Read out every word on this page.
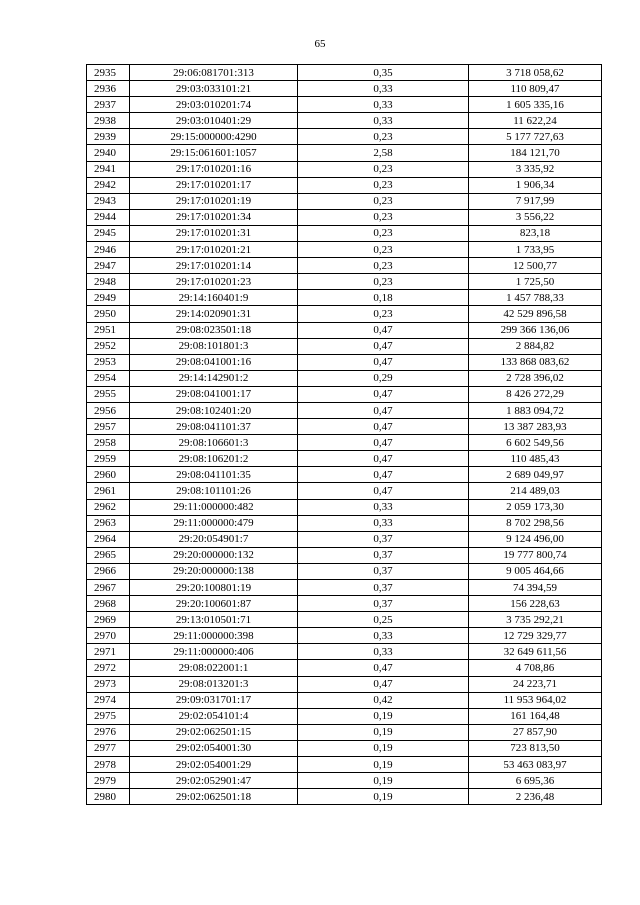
65
2935	29:06:081701:313	0,35	3 718 058,62
2936	29:03:033101:21	0,33	110 809,47
2937	29:03:010201:74	0,33	1 605 335,16
2938	29:03:010401:29	0,33	11 622,24
2939	29:15:000000:4290	0,23	5 177 727,63
2940	29:15:061601:1057	2,58	184 121,70
2941	29:17:010201:16	0,23	3 335,92
2942	29:17:010201:17	0,23	1 906,34
2943	29:17:010201:19	0,23	7 917,99
2944	29:17:010201:34	0,23	3 556,22
2945	29:17:010201:31	0,23	823,18
2946	29:17:010201:21	0,23	1 733,95
2947	29:17:010201:14	0,23	12 500,77
2948	29:17:010201:23	0,23	1 725,50
2949	29:14:160401:9	0,18	1 457 788,33
2950	29:14:020901:31	0,23	42 529 896,58
2951	29:08:023501:18	0,47	299 366 136,06
2952	29:08:101801:3	0,47	2 884,82
2953	29:08:041001:16	0,47	133 868 083,62
2954	29:14:142901:2	0,29	2 728 396,02
2955	29:08:041001:17	0,47	8 426 272,29
2956	29:08:102401:20	0,47	1 883 094,72
2957	29:08:041101:37	0,47	13 387 283,93
2958	29:08:106601:3	0,47	6 602 549,56
2959	29:08:106201:2	0,47	110 485,43
2960	29:08:041101:35	0,47	2 689 049,97
2961	29:08:101101:26	0,47	214 489,03
2962	29:11:000000:482	0,33	2 059 173,30
2963	29:11:000000:479	0,33	8 702 298,56
2964	29:20:054901:7	0,37	9 124 496,00
2965	29:20:000000:132	0,37	19 777 800,74
2966	29:20:000000:138	0,37	9 005 464,66
2967	29:20:100801:19	0,37	74 394,59
2968	29:20:100601:87	0,37	156 228,63
2969	29:13:010501:71	0,25	3 735 292,21
2970	29:11:000000:398	0,33	12 729 329,77
2971	29:11:000000:406	0,33	32 649 611,56
2972	29:08:022001:1	0,47	4 708,86
2973	29:08:013201:3	0,47	24 223,71
2974	29:09:031701:17	0,42	11 953 964,02
2975	29:02:054101:4	0,19	161 164,48
2976	29:02:062501:15	0,19	27 857,90
2977	29:02:054001:30	0,19	723 813,50
2978	29:02:054001:29	0,19	53 463 083,97
2979	29:02:052901:47	0,19	6 695,36
2980	29:02:062501:18	0,19	2 236,48
